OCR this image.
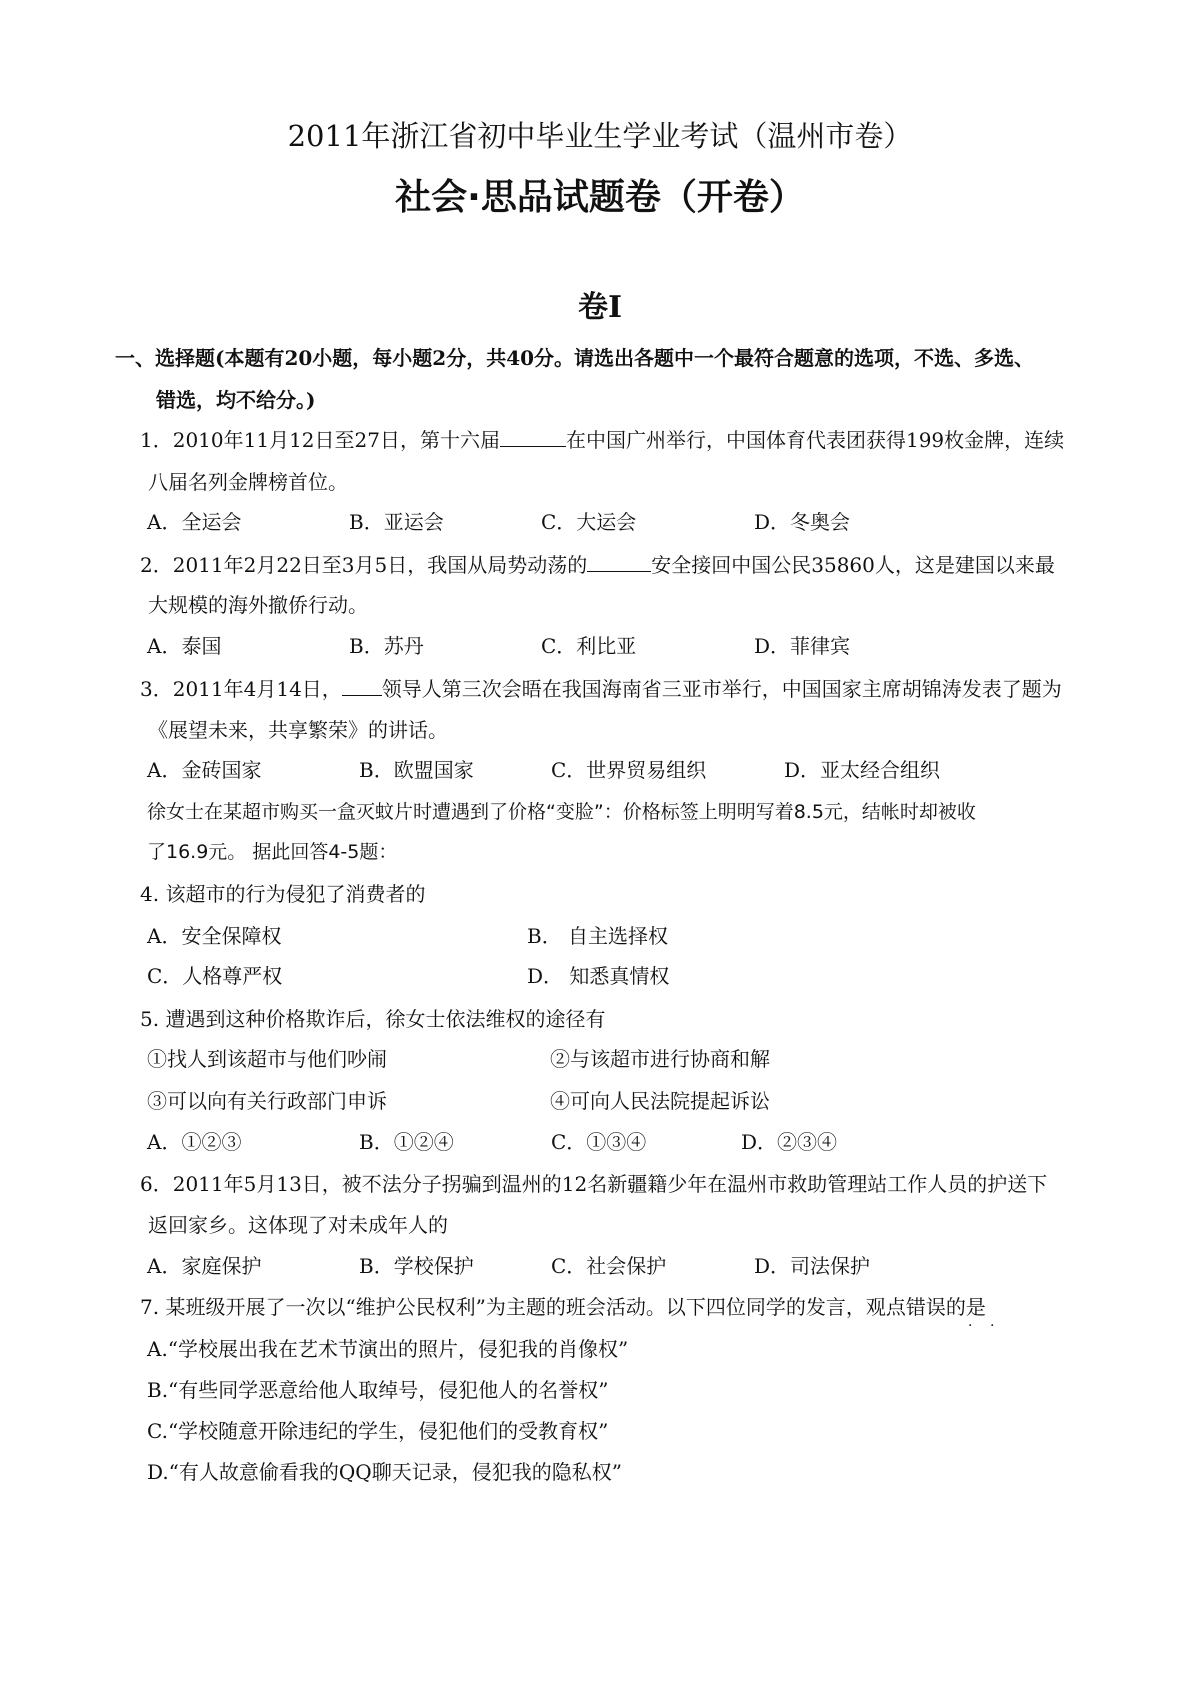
2011年浙江省初中毕业生学业考试（温州市卷）
社会·思品试题卷（开卷）
卷Ⅰ
一、选择题(本题有20小题，每小题2分，共40分。请选出各题中一个最符合题意的选项，不选、多选、
错选，均不给分。)
1．2010年11月12日至27日，第十六届	在中国广州举行，中国体育代表团获得199枚金牌，连续
八届名列金牌榜首位。
A．全运会	B．亚运会	C．大运会	D．冬奥会
2．2011年2月22日至3月5日，我国从局势动荡的	安全接回中国公民35860人，这是建国以来最
大规模的海外撤侨行动。
A．泰国	B．苏丹	C．利比亚	D．菲律宾
3．2011年4月14日， 领导人第三次会晤在我国海南省三亚市举行，中国国家主席胡锦涛发表了题为
《展望未来，共享繁荣》的讲话。
A．金砖国家	B．欧盟国家	C．世界贸易组织	D．亚太经合组织
徐女士在某超市购买一盒灭蚊片时遭遇到了价格“变脸”：价格标签上明明写着8.5元，结帐时却被收
了16.9元。 据此回答4-5题：
4. 该超市的行为侵犯了消费者的
A．安全保障权	B． 自主选择权
C．人格尊严权	D． 知悉真情权
5. 遭遇到这种价格欺诈后，徐女士依法维权的途径有
①找人到该超市与他们吵闹	②与该超市进行协商和解
③可以向有关行政部门申诉	④可向人民法院提起诉讼
A．①②③	B．①②④	C．①③④	D．②③④
6．2011年5月13日，被不法分子拐骗到温州的12名新疆籍少年在温州市救助管理站工作人员的护送下
返回家乡。这体现了对未成年人的
A．家庭保护	B．学校保护	C．社会保护	D．司法保护
7. 某班级开展了一次以“维护公民权利”为主题的班会活动。以下四位同学的发言，观点错误的是
· ·
A.“学校展出我在艺术节演出的照片，侵犯我的肖像权”
B.“有些同学恶意给他人取绰号，侵犯他人的名誉权”
C.“学校随意开除违纪的学生，侵犯他们的受教育权”
D.“有人故意偷看我的QQ聊天记录，侵犯我的隐私权”
